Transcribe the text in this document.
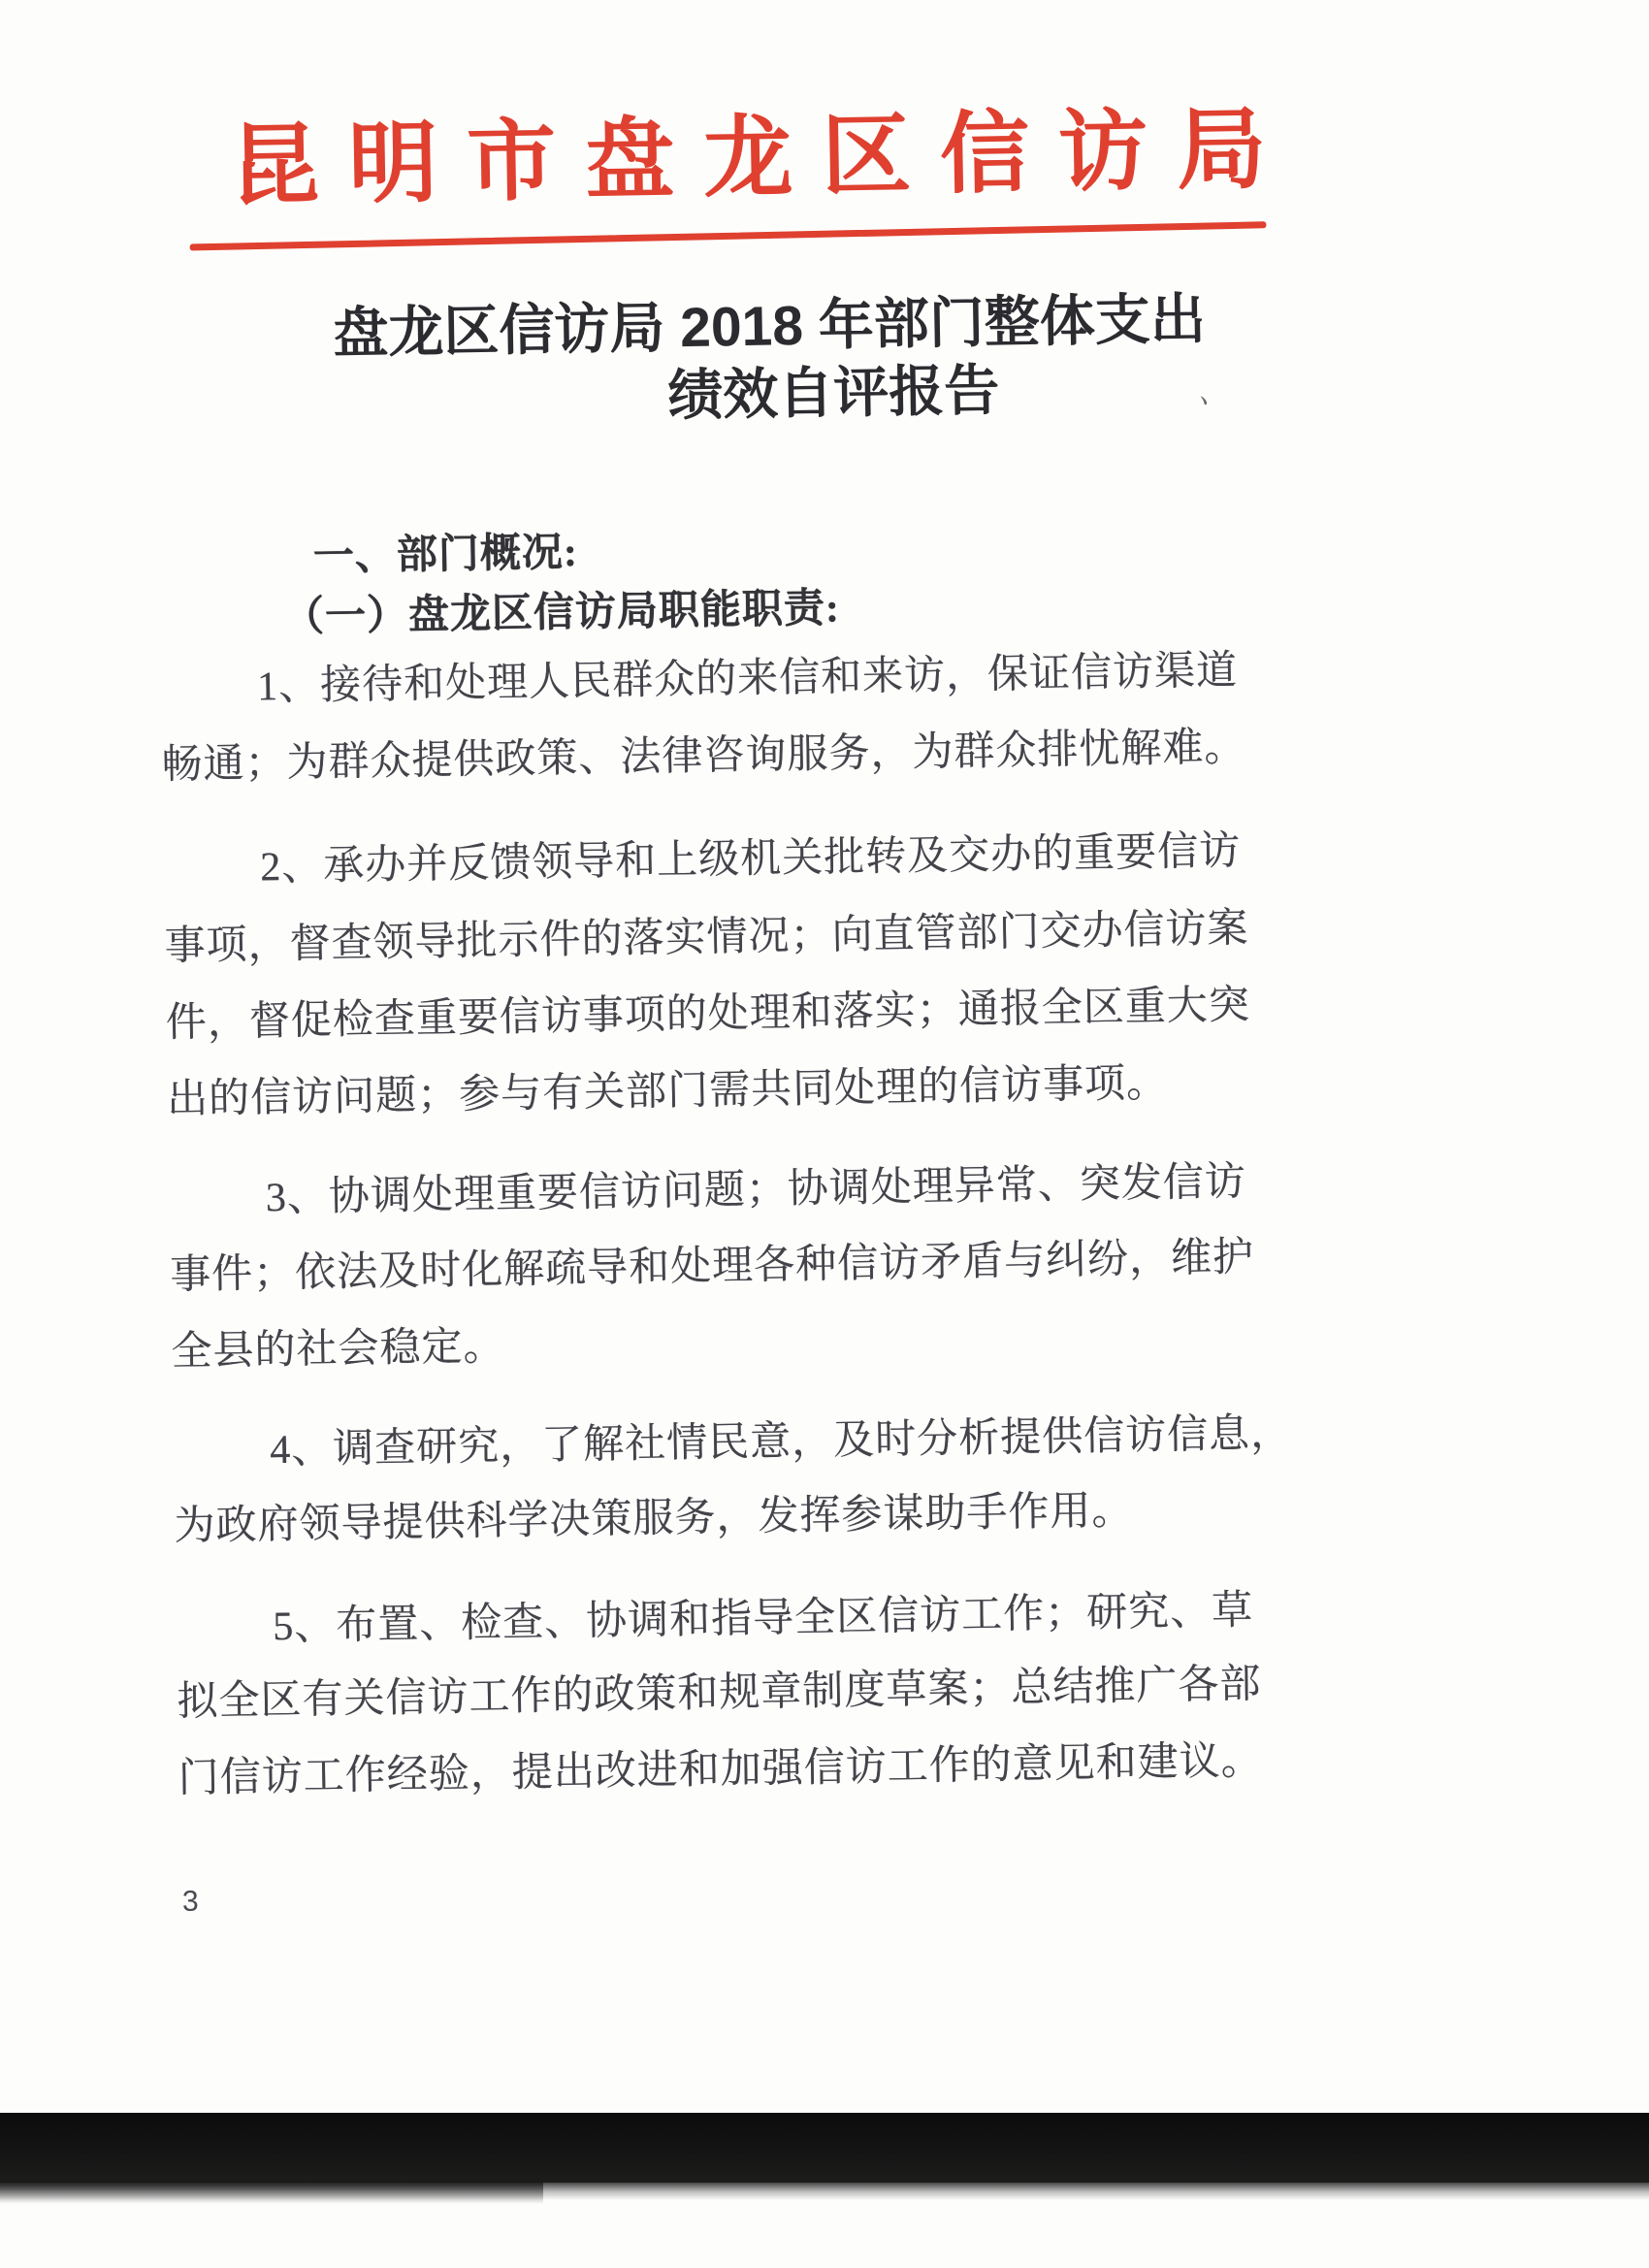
昆明市盘龙区信访局
盘龙区信访局 2018 年部门整体支出
绩效自评报告	、
一、部门概况:
（一）盘龙区信访局职能职责:
1、接待和处理人民群众的来信和来访，保证信访渠道
畅通；为群众提供政策、法律咨询服务，为群众排忧解难。
2、承办并反馈领导和上级机关批转及交办的重要信访
事项，督查领导批示件的落实情况；向直管部门交办信访案
件，督促检查重要信访事项的处理和落实；通报全区重大突
出的信访问题；参与有关部门需共同处理的信访事项。
3、协调处理重要信访问题；协调处理异常、突发信访
事件；依法及时化解疏导和处理各种信访矛盾与纠纷，维护
全县的社会稳定。
4、调查研究，了解社情民意，及时分析提供信访信息，
为政府领导提供科学决策服务，发挥参谋助手作用。
5、布置、检查、协调和指导全区信访工作；研究、草
拟全区有关信访工作的政策和规章制度草案；总结推广各部
门信访工作经验，提出改进和加强信访工作的意见和建议。
3
